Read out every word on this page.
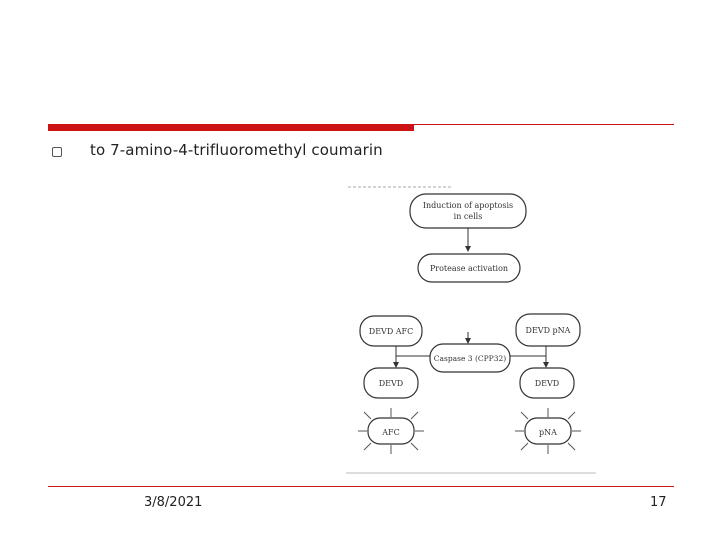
to 7-amino-4-trifluoromethyl coumarin
Induction of apoptosis
in cells
Protease activation
DEVD AFC	DEVD pNA
Caspase 3 (CPP32)
DEVD	DEVD
AFC	pNA
3/8/2021	17
